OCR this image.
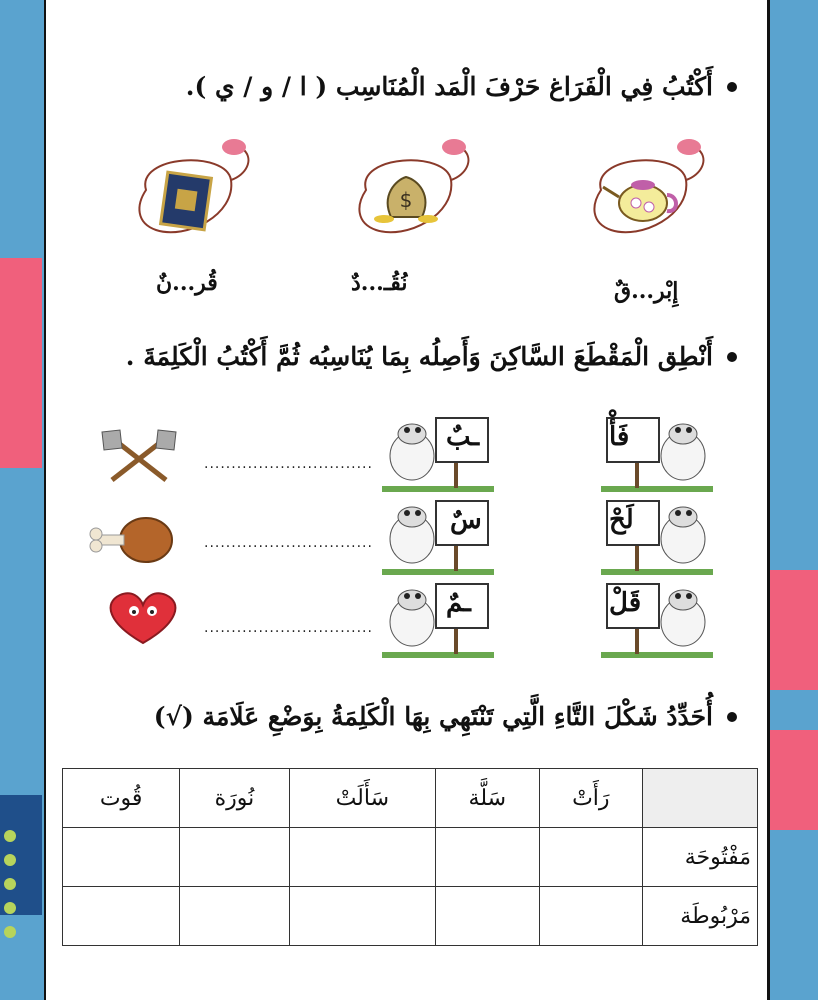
أَكْتُبُ فِي الْفَرَاغ حَرْفَ الْمَد الْمُنَاسِب ( ا / و / ي ).
$
إِبْر...قٌ
نُقُـ...دٌ
قُر...نٌ
أَنْطِق الْمَقْطَعَ السَّاكِنَ وَأَصِلُه بِمَا يُنَاسِبُه ثُمَّ أَكْتُبُ الْكَلِمَةَ .
فَأْ
لَحْ
قَلْ
ـبٌ
سٌ
ـمٌ
...............................
...............................
...............................
أُحَدِّدُ شَكْلَ التَّاءِ الَّتِي تَنْتَهِي بِهَا الْكَلِمَةُ بِوَضْعِ عَلَامَة (√)
	رَأَتْ	سَلَّة	سَأَلَتْ	نُورَة	قُوت
مَفْتُوحَة					
مَرْبُوطَة					
